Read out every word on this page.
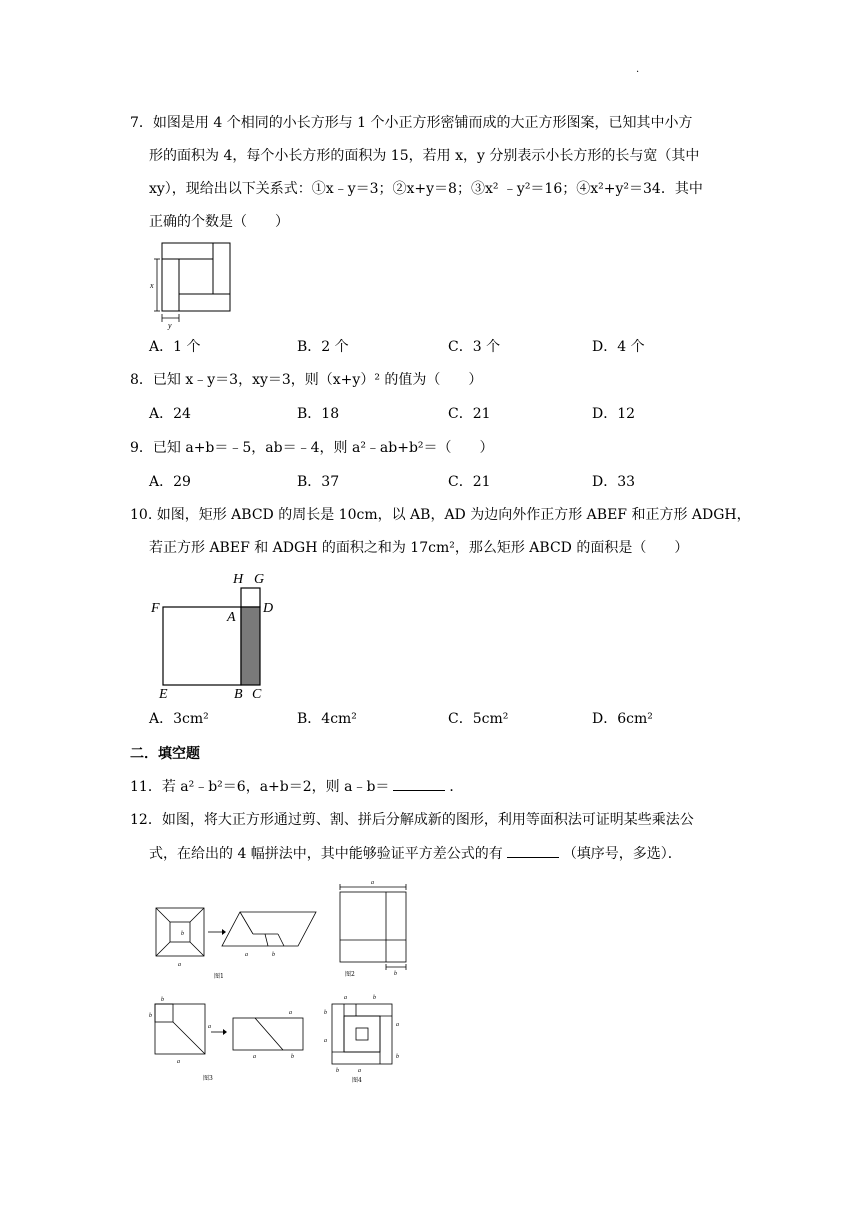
.
7．如图是用 4 个相同的小长方形与 1 个小正方形密铺而成的大正方形图案，已知其中小方
形的面积为 4，每个小长方形的面积为 15，若用 x，y 分别表示小长方形的长与宽（其中
xy），现给出以下关系式：①x﹣y＝3；②x+y＝8；③x² ﹣y²＝16；④x²+y²＝34．其中
正确的个数是（　　）
x
y
A．1 个	B．2 个	C．3 个	D．4 个
8．已知 x﹣y＝3，xy＝3，则（x+y）² 的值为（　　）
A．24	B．18	C．21	D．12
9．已知 a+b＝﹣5，ab＝﹣4，则 a²﹣ab+b²＝（　　）
A．29	B．37	C．21	D．33
10. 如图，矩形 ABCD 的周长是 10cm，以 AB，AD 为边向外作正方形 ABEF 和正方形 ADGH，
若正方形 ABEF 和 ADGH 的面积之和为 17cm²，那么矩形 ABCD 的面积是（　　）
H G
F
A
D
E	B C
A．3cm²	B．4cm²	C．5cm²	D．6cm²
二．填空题
11．若 a²﹣b²＝6，a+b＝2，则 a﹣b＝	．
12．如图，将大正方形通过剪、割、拼后分解成新的图形，利用等面积法可证明某些乘法公
式，在给出的 4 幅拼法中，其中能够验证平方差公式的有	（填序号，多选）．
b
a
a	b
图1
a
b
图2
b
b
a
a
a
a	b
图3
a	b
b
a
a
b
b	a
图4
